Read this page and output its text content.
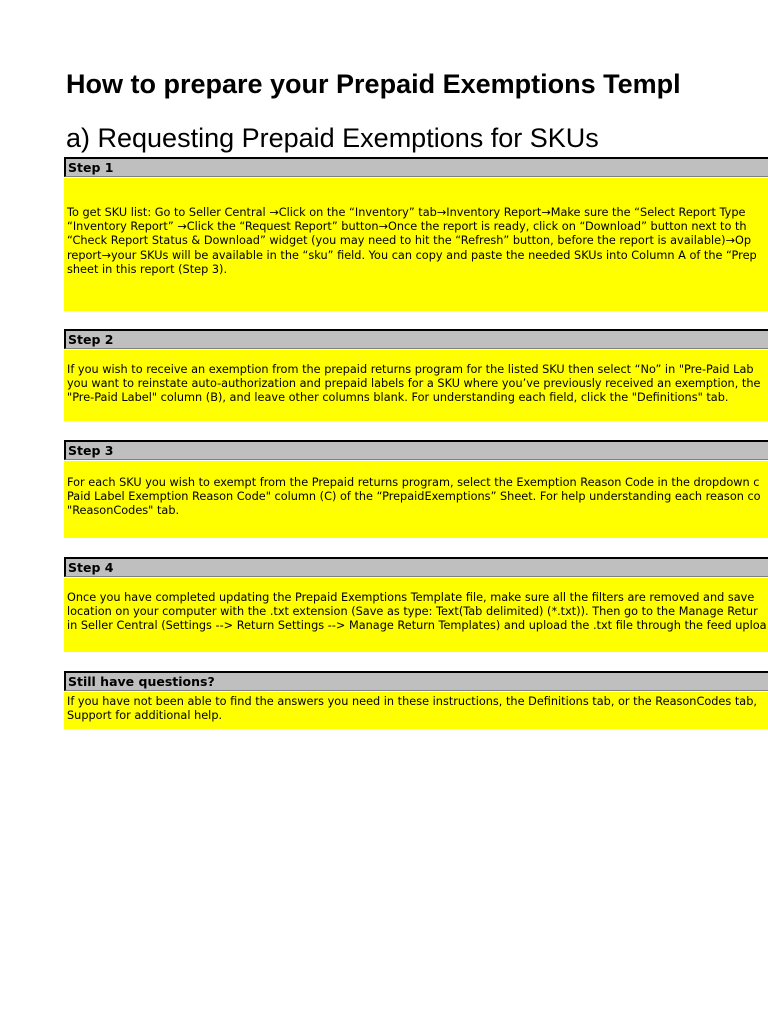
How to prepare your Prepaid Exemptions Templ
a) Requesting Prepaid Exemptions for SKUs
Step 1
To get SKU list: Go to Seller Central →Click on the “Inventory” tab→Inventory Report→Make sure the “Select Report Type
“Inventory Report” →Click the “Request Report” button→Once the report is ready, click on “Download” button next to th
“Check Report Status & Download” widget (you may need to hit the “Refresh” button, before the report is available)→Op
report→your SKUs will be available in the “sku” field. You can copy and paste the needed SKUs into Column A of the “Prep
sheet in this report (Step 3).
Step 2
If you wish to receive an exemption from the prepaid returns program for the listed SKU then select “No” in "Pre-Paid Lab
you want to reinstate auto-authorization and prepaid labels for a SKU where you’ve previously received an exemption, the
"Pre-Paid Label" column (B), and leave other columns blank. For understanding each field, click the "Definitions" tab.
Step 3
For each SKU you wish to exempt from the Prepaid returns program, select the Exemption Reason Code in the dropdown c
Paid Label Exemption Reason Code" column (C) of the “PrepaidExemptions” Sheet. For help understanding each reason co
"ReasonCodes" tab.
Step 4
Once you have completed updating the Prepaid Exemptions Template file, make sure all the filters are removed and save
location on your computer with the .txt extension (Save as type: Text(Tab delimited) (*.txt)). Then go to the Manage Retur
in Seller Central (Settings --> Return Settings --> Manage Return Templates) and upload the .txt file through the feed uploa
Still have questions?
If you have not been able to find the answers you need in these instructions, the Definitions tab, or the ReasonCodes tab,
Support for additional help.
